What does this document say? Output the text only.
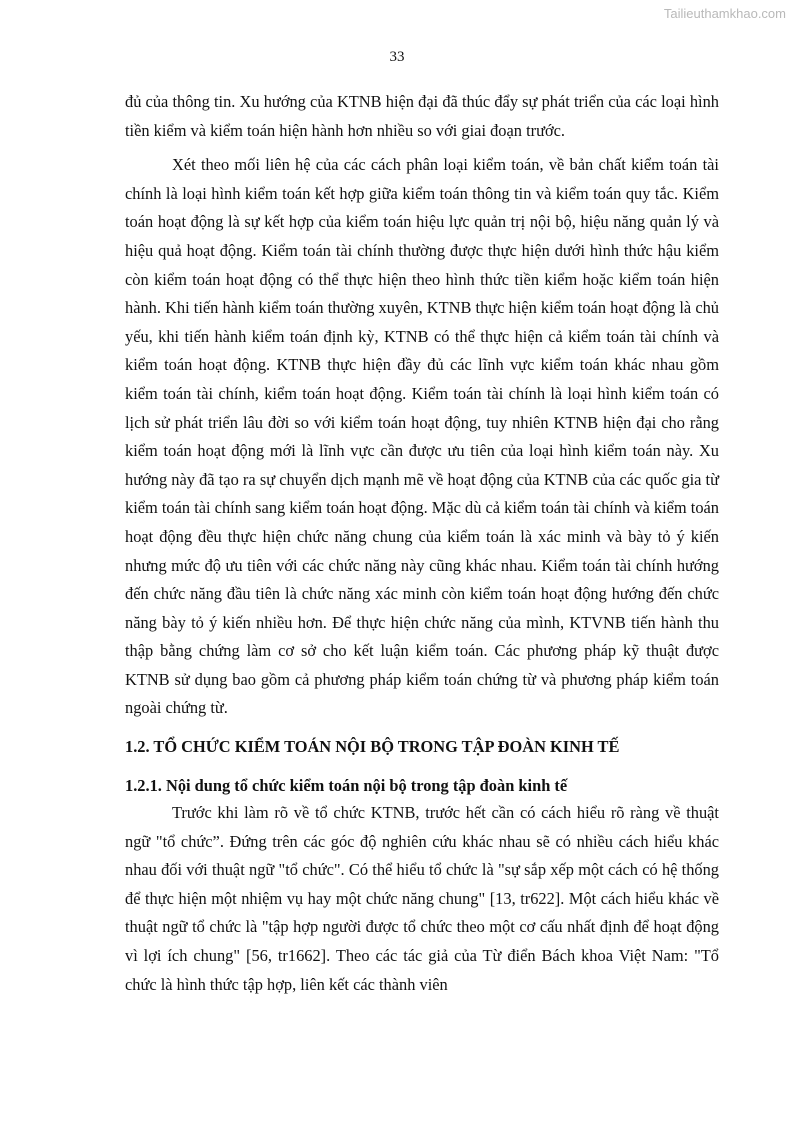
Tailieuthamkhao.com
33

đủ của thông tin. Xu hướng của KTNB hiện đại đã thúc đẩy sự phát triển của các loại hình tiền kiểm và kiểm toán hiện hành hơn nhiều so với giai đoạn trước.

Xét theo mối liên hệ của các cách phân loại kiểm toán, về bản chất kiểm toán tài chính là loại hình kiểm toán kết hợp giữa kiểm toán thông tin và kiểm toán quy tắc. Kiểm toán hoạt động là sự kết hợp của kiểm toán hiệu lực quản trị nội bộ, hiệu năng quản lý và hiệu quả hoạt động. Kiểm toán tài chính thường được thực hiện dưới hình thức hậu kiểm còn kiểm toán hoạt động có thể thực hiện theo hình thức tiền kiểm hoặc kiểm toán hiện hành. Khi tiến hành kiểm toán thường xuyên, KTNB thực hiện kiểm toán hoạt động là chủ yếu, khi tiến hành kiểm toán định kỳ, KTNB có thể thực hiện cả kiểm toán tài chính và kiểm toán hoạt động. KTNB thực hiện đầy đủ các lĩnh vực kiểm toán khác nhau gồm kiểm toán tài chính, kiểm toán hoạt động. Kiểm toán tài chính là loại hình kiểm toán có lịch sử phát triển lâu đời so với kiểm toán hoạt động, tuy nhiên KTNB hiện đại cho rằng kiểm toán hoạt động mới là lĩnh vực cần được ưu tiên của loại hình kiểm toán này. Xu hướng này đã tạo ra sự chuyển dịch mạnh mẽ về hoạt động của KTNB của các quốc gia từ kiểm toán tài chính sang kiểm toán hoạt động. Mặc dù cả kiểm toán tài chính và kiểm toán hoạt động đều thực hiện chức năng chung của kiểm toán là xác minh và bày tỏ ý kiến nhưng mức độ ưu tiên với các chức năng này cũng khác nhau. Kiểm toán tài chính hướng đến chức năng đầu tiên là chức năng xác minh còn kiểm toán hoạt động hướng đến chức năng bày tỏ ý kiến nhiều hơn. Để thực hiện chức năng của mình, KTVNB tiến hành thu thập bằng chứng làm cơ sở cho kết luận kiểm toán. Các phương pháp kỹ thuật được KTNB sử dụng bao gồm cả phương pháp kiểm toán chứng từ và phương pháp kiểm toán ngoài chứng từ.

1.2. TỔ CHỨC KIỂM TOÁN NỘI BỘ TRONG TẬP ĐOÀN KINH TẾ
1.2.1. Nội dung tổ chức kiểm toán nội bộ trong tập đoàn kinh tế

Trước khi làm rõ về tổ chức KTNB, trước hết cần có cách hiểu rõ ràng về thuật ngữ "tổ chức”. Đứng trên các góc độ nghiên cứu khác nhau sẽ có nhiều cách hiểu khác nhau đối với thuật ngữ "tổ chức". Có thể hiểu tổ chức là "sự sắp xếp một cách có hệ thống để thực hiện một nhiệm vụ hay một chức năng chung" [13, tr622]. Một cách hiểu khác về thuật ngữ tổ chức là "tập hợp người được tổ chức theo một cơ cấu nhất định để hoạt động vì lợi ích chung" [56, tr1662]. Theo các tác giả của Từ điển Bách khoa Việt Nam: "Tổ chức là hình thức tập hợp, liên kết các thành viên
